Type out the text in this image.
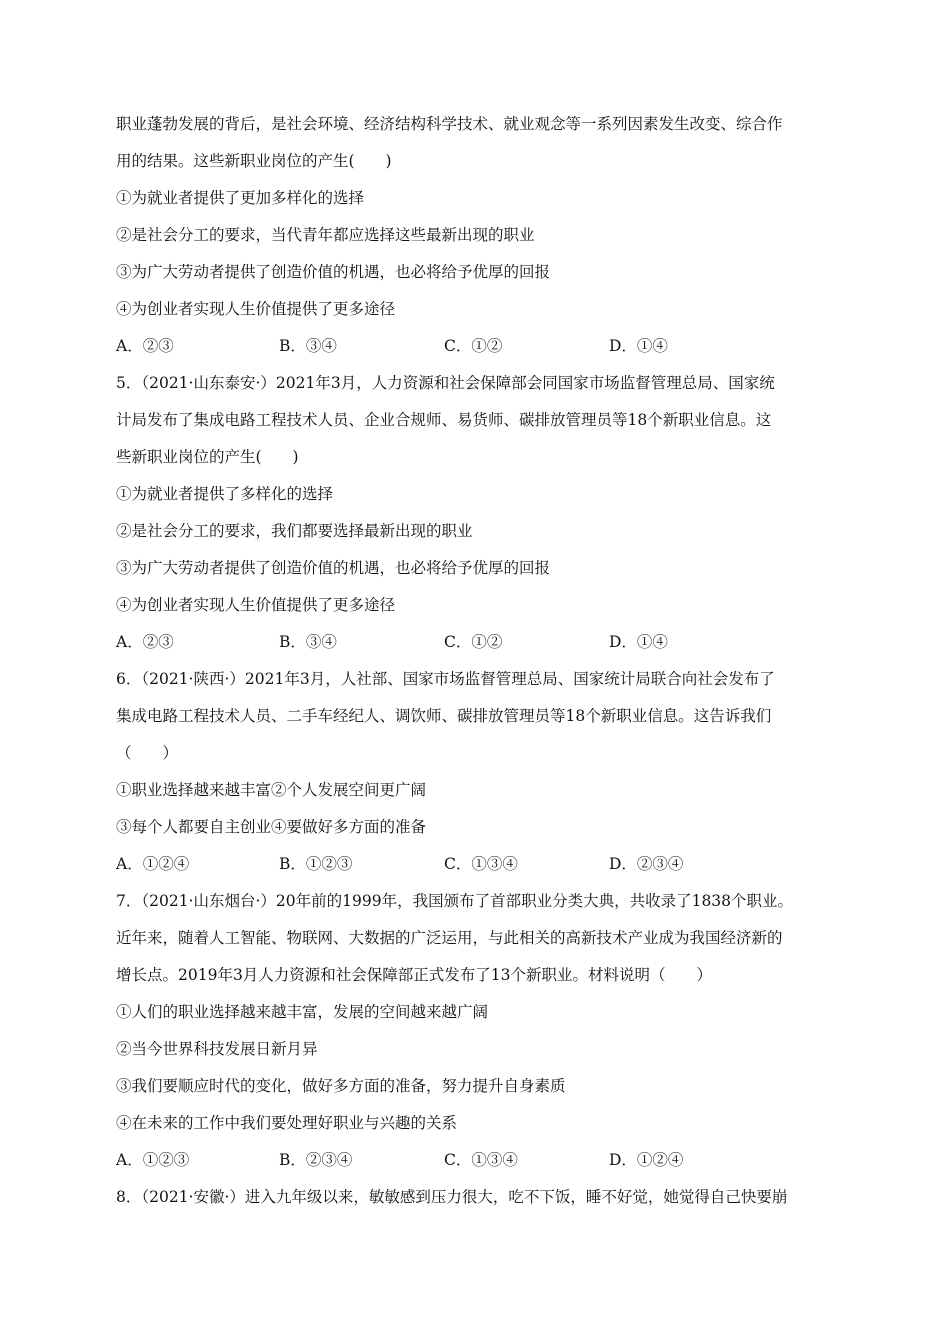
职业蓬勃发展的背后，是社会环境、经济结构科学技术、就业观念等一系列因素发生改变、综合作
用的结果。这些新职业岗位的产生(　　)
①为就业者提供了更加多样化的选择
②是社会分工的要求，当代青年都应选择这些最新出现的职业
③为广大劳动者提供了创造价值的机遇，也必将给予优厚的回报
④为创业者实现人生价值提供了更多途径
A．②③	B．③④	C．①②	D．①④
5．（2021·山东泰安·）2021年3月，人力资源和社会保障部会同国家市场监督管理总局、国家统
计局发布了集成电路工程技术人员、企业合规师、易货师、碳排放管理员等18个新职业信息。这
些新职业岗位的产生(　　)
①为就业者提供了多样化的选择
②是社会分工的要求，我们都要选择最新出现的职业
③为广大劳动者提供了创造价值的机遇，也必将给予优厚的回报
④为创业者实现人生价值提供了更多途径
A．②③	B．③④	C．①②	D．①④
6．（2021·陕西·）2021年3月，人社部、国家市场监督管理总局、国家统计局联合向社会发布了
集成电路工程技术人员、二手车经纪人、调饮师、碳排放管理员等18个新职业信息。这告诉我们
（　　）
①职业选择越来越丰富②个人发展空间更广阔
③每个人都要自主创业④要做好多方面的准备
A．①②④	B．①②③	C．①③④	D．②③④
7．（2021·山东烟台·）20年前的1999年，我国颁布了首部职业分类大典，共收录了1838个职业。
近年来，随着人工智能、物联网、大数据的广泛运用，与此相关的高新技术产业成为我国经济新的
增长点。2019年3月人力资源和社会保障部正式发布了13个新职业。材料说明（　　）
①人们的职业选择越来越丰富，发展的空间越来越广阔
②当今世界科技发展日新月异
③我们要顺应时代的变化，做好多方面的准备，努力提升自身素质
④在未来的工作中我们要处理好职业与兴趣的关系
A．①②③	B．②③④	C．①③④	D．①②④
8．（2021·安徽·）进入九年级以来，敏敏感到压力很大，吃不下饭，睡不好觉，她觉得自己快要崩
